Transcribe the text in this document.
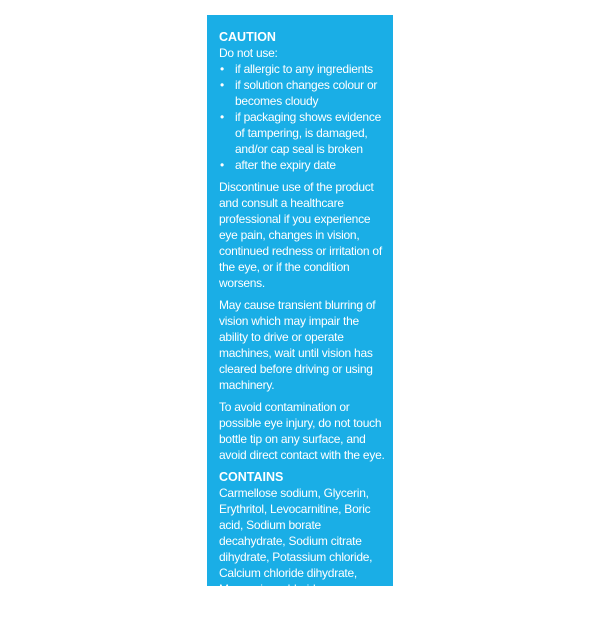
CAUTION

Do not use:

• if allergic to any ingredients
• if solution changes colour or becomes cloudy
• if packaging shows evidence of tampering, is damaged, and/or cap seal is broken
• after the expiry date

Discontinue use of the product and consult a healthcare professional if you experience eye pain, changes in vision, continued redness or irritation of the eye, or if the condition worsens.

May cause transient blurring of vision which may impair the ability to drive or operate machines, wait until vision has cleared before driving or using machinery.

To avoid contamination or possible eye injury, do not touch bottle tip on any surface, and avoid direct contact with the eye.

CONTAINS

Carmellose sodium, Glycerin, Erythritol, Levocarnitine, Boric acid, Sodium borate decahydrate, Sodium citrate dihydrate, Potassium chloride, Calcium chloride dihydrate, Magnesium chloride hexahydrate, Purite® 0.1 mg/mL (preservative), Purified water.
